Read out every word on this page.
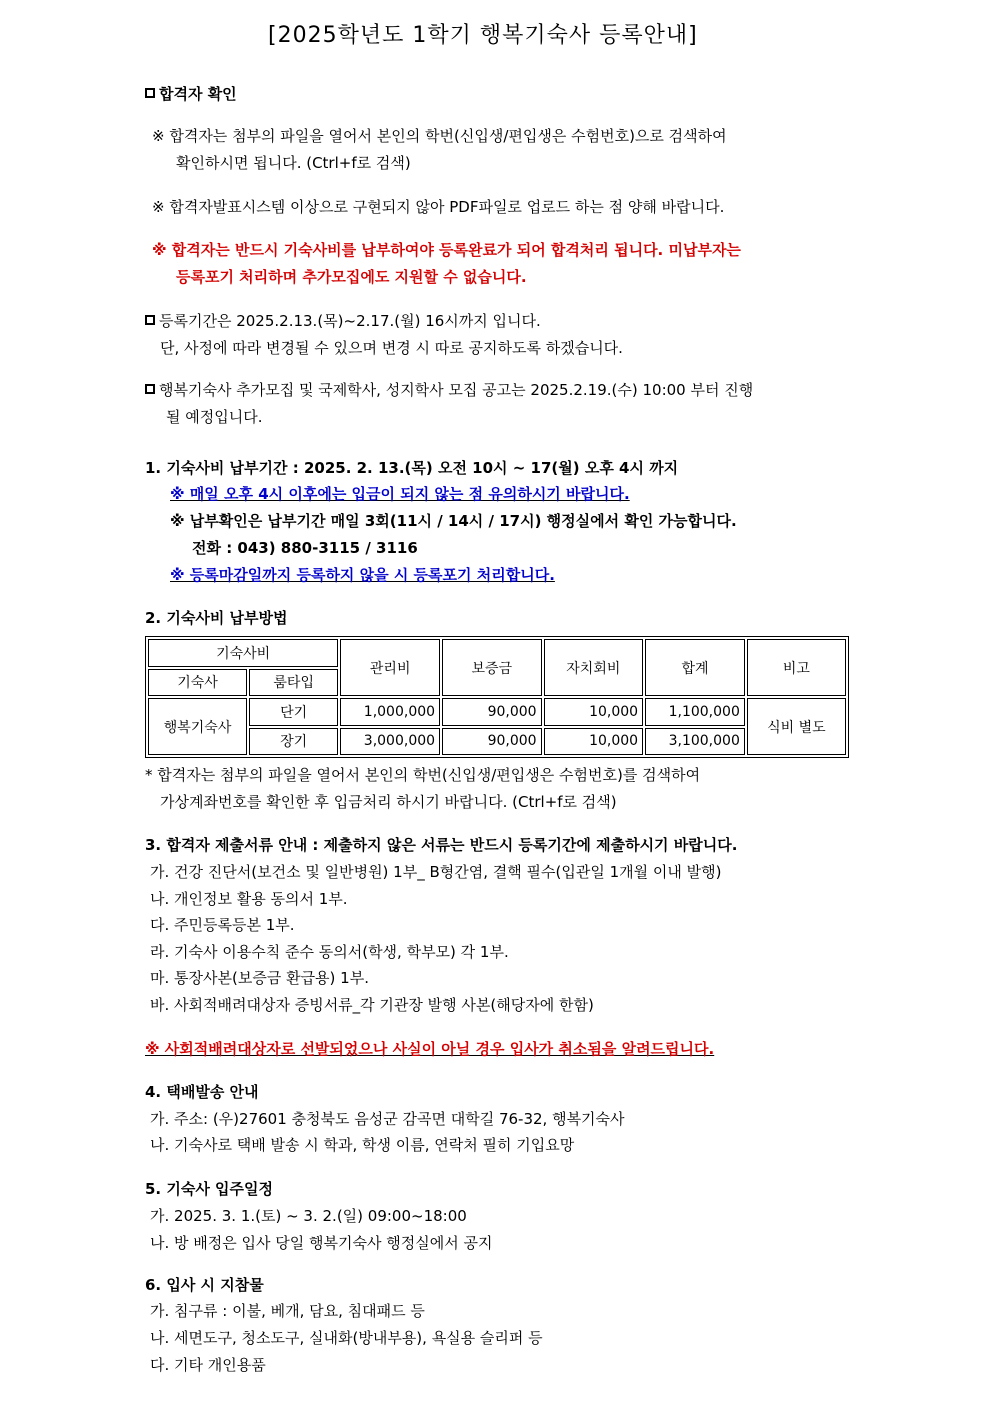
[2025학년도 1학기 행복기숙사 등록안내]
합격자 확인
※ 합격자는 첨부의 파일을 열어서 본인의 학번(신입생/편입생은 수험번호)으로 검색하여
확인하시면 됩니다. (Ctrl+f로 검색)
※ 합격자발표시스템 이상으로 구현되지 않아 PDF파일로 업로드 하는 점 양해 바랍니다.
※ 합격자는 반드시 기숙사비를 납부하여야 등록완료가 되어 합격처리 됩니다. 미납부자는
등록포기 처리하며 추가모집에도 지원할 수 없습니다.
등록기간은 2025.2.13.(목)~2.17.(월) 16시까지 입니다.
단, 사정에 따라 변경될 수 있으며 변경 시 따로 공지하도록 하겠습니다.
행복기숙사 추가모집 및 국제학사, 성지학사 모집 공고는 2025.2.19.(수) 10:00 부터 진행
될 예정입니다.
1. 기숙사비 납부기간 : 2025. 2. 13.(목) 오전 10시 ~ 17(월) 오후 4시 까지
※ 매일 오후 4시 이후에는 입금이 되지 않는 점 유의하시기 바랍니다.
※ 납부확인은 납부기간 매일 3회(11시 / 14시 / 17시) 행정실에서 확인 가능합니다.
전화 : 043) 880-3115 / 3116
※ 등록마감일까지 등록하지 않을 시 등록포기 처리합니다.
2. 기숙사비 납부방법
기숙사비		관리비	보증금	자치회비	합계	비고
기숙사	룸타입					
행복기숙사	단기	1,000,000	90,000	10,000	1,100,000	식비 별도
	장기	3,000,000	90,000	10,000	3,100,000	
* 합격자는 첨부의 파일을 열어서 본인의 학번(신입생/편입생은 수험번호)를 검색하여
가상계좌번호를 확인한 후 입금처리 하시기 바랍니다. (Ctrl+f로 검색)
3. 합격자 제출서류 안내 : 제출하지 않은 서류는 반드시 등록기간에 제출하시기 바랍니다.
가. 건강 진단서(보건소 및 일반병원) 1부_ B형간염, 결핵 필수(입관일 1개월 이내 발행)
나. 개인정보 활용 동의서 1부.
다. 주민등록등본 1부.
라. 기숙사 이용수칙 준수 동의서(학생, 학부모) 각 1부.
마. 통장사본(보증금 환급용) 1부.
바. 사회적배려대상자 증빙서류_각 기관장 발행 사본(해당자에 한함)
※ 사회적배려대상자로 선발되었으나 사실이 아닐 경우 입사가 취소됨을 알려드립니다.
4. 택배발송 안내
가. 주소: (우)27601 충청북도 음성군 감곡면 대학길 76-32, 행복기숙사
나. 기숙사로 택배 발송 시 학과, 학생 이름, 연락처 필히 기입요망
5. 기숙사 입주일정
가. 2025. 3. 1.(토) ~ 3. 2.(일) 09:00~18:00
나. 방 배정은 입사 당일 행복기숙사 행정실에서 공지
6. 입사 시 지참물
가. 침구류 : 이불, 베개, 담요, 침대패드 등
나. 세면도구, 청소도구, 실내화(방내부용), 욕실용 슬리퍼 등
다. 기타 개인용품
